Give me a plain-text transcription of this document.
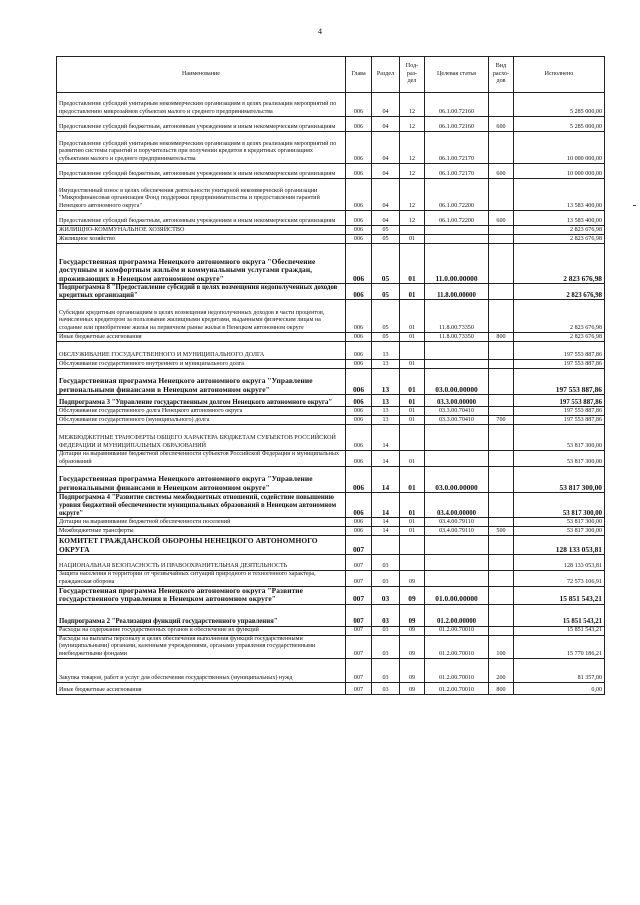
4
Наименование	Глава	Раздел	Под- раз- дел	Целевая статья	Вид расхо- дов	Исполнено
Предоставление субсидий унитарным некоммерческим организациям в целях реализации мероприятий по предоставлению микрозаймов субъектам малого и среднего предпринимательства	006	04	12	06.1.00.72160		5 285 000,00
Предоставление субсидий бюджетным, автономным учреждениям и иным некоммерческим организациям	006	04	12	06.1.00.72160	600	5 285 000,00
Предоставление субсидий унитарным некоммерческим организациям в целях реализации мероприятий по развитию системы гарантий и поручительств при получении кредитов в кредитных организациях субъектами малого и среднего предпринимательства	006	04	12	06.1.00.72170		10 000 000,00
Предоставление субсидий бюджетным, автономным учреждениям и иным некоммерческим организациям	006	04	12	06.1.00.72170	600	10 000 000,00
Имущественный взнос в целях обеспечения деятельности унитарной некоммерческой организации "Микрофинансовая организация Фонд поддержки предпринимательства и предоставления гарантий Ненецкого автономного округа"	006	04	12	06.1.00.72200		13 583 400,00
Предоставление субсидий бюджетным, автономным учреждениям и иным некоммерческим организациям	006	04	12	06.1.00.72200	600	13 583 400,00
ЖИЛИЩНО-КОММУНАЛЬНОЕ ХОЗЯЙСТВО	006	05				2 823 676,98
Жилищное хозяйство	006	05	01			2 823 676,98
Государственная программа Ненецкого автономного округа "Обеспечение доступным и комфортным жильём и коммунальными услугами граждан, проживающих в Ненецком автономном округе"	006	05	01	11.0.00.00000		2 823 676,98
Подпрограмма 8 "Предоставление субсидий в целях возмещения недополученных доходов кредитных организаций"	006	05	01	11.8.00.00000		2 823 676,98
Субсидии кредитным организациям в целях возмещения недополученных доходов в части процентов, начисленных кредитором за пользование жилищными кредитами, выданными физическим лицам на создание или приобретение жилья на первичном рынке жилья в Ненецком автономном округе	006	05	01	11.8.00.73350		2 823 676,98
Иные бюджетные ассигнования	006	05	01	11.8.00.73350	800	2 823 676,98
ОБСЛУЖИВАНИЕ ГОСУДАРСТВЕННОГО И МУНИЦИПАЛЬНОГО ДОЛГА	006	13				197 553 887,86
Обслуживание государственного внутреннего и муниципального долга	006	13	01			197 553 887,86
Государственная программа Ненецкого автономного округа "Управление региональными финансами в Ненецком автономном округе"	006	13	01	03.0.00.00000		197 553 887,86
Подпрограмма 3 "Управление государственным долгом Ненецкого автономного округа"	006	13	01	03.3.00.00000		197 553 887,86
Обслуживание государственного долга Ненецкого автономного округа	006	13	01	03.3.00.70410		197 553 887,86
Обслуживание государственного (муниципального) долга	006	13	01	03.3.00.70410	700	197 553 887,86
МЕЖБЮДЖЕТНЫЕ ТРАНСФЕРТЫ ОБЩЕГО ХАРАКТЕРА БЮДЖЕТАМ СУБЪЕКТОВ РОССИЙСКОЙ ФЕДЕРАЦИИ И МУНИЦИПАЛЬНЫХ ОБРАЗОВАНИЙ	006	14				53 817 300,00
Дотации на выравнивание бюджетной обеспеченности субъектов Российской Федерации и муниципальных образований	006	14	01			53 817 300,00
Государственная программа Ненецкого автономного округа "Управление региональными финансами в Ненецком автономном округе"	006	14	01	03.0.00.00000		53 817 300,00
Подпрограмма 4 "Развитие системы межбюджетных отношений, содействие повышению уровня бюджетной обеспеченности муниципальных образований в Ненецком автономном округе"	006	14	01	03.4.00.00000		53 817 300,00
Дотации на выравнивание бюджетной обеспеченности поселений	006	14	01	03.4.00.79110		53 817 300,00
Межбюджетные трансферты	006	14	01	03.4.00.79110	500	53 817 300,00
КОМИТЕТ ГРАЖДАНСКОЙ ОБОРОНЫ НЕНЕЦКОГО АВТОНОМНОГО ОКРУГА	007					128 133 053,81
НАЦИОНАЛЬНАЯ БЕЗОПАСНОСТЬ И ПРАВООХРАНИТЕЛЬНАЯ ДЕЯТЕЛЬНОСТЬ	007	03				128 133 053,81
Защита населения и территории от чрезвычайных ситуаций природного и техногенного характера, гражданская оборона	007	03	09			72 573 106,91
Государственная программа Ненецкого автономного округа "Развитие государственного управления в Ненецком автономном округе"	007	03	09	01.0.00.00000		15 851 543,21
Подпрограмма 2 "Реализация функций государственного управления"	007	03	09	01.2.00.00000		15 851 543,21
Расходы на содержание государственных органов и обеспечение их функций	007	03	09	01.2.00.70010		15 851 543,21
Расходы на выплаты персоналу в целях обеспечения выполнения функций государственными (муниципальными) органами, казенными учреждениями, органами управления государственными внебюджетными фондами	007	03	09	01.2.00.70010	100	15 770 186,21
Закупка товаров, работ и услуг для обеспечения государственных (муниципальных) нужд	007	03	09	01.2.00.70010	200	81 357,00
Иные бюджетные ассигнования	007	03	09	01.2.00.70010	800	0,00
